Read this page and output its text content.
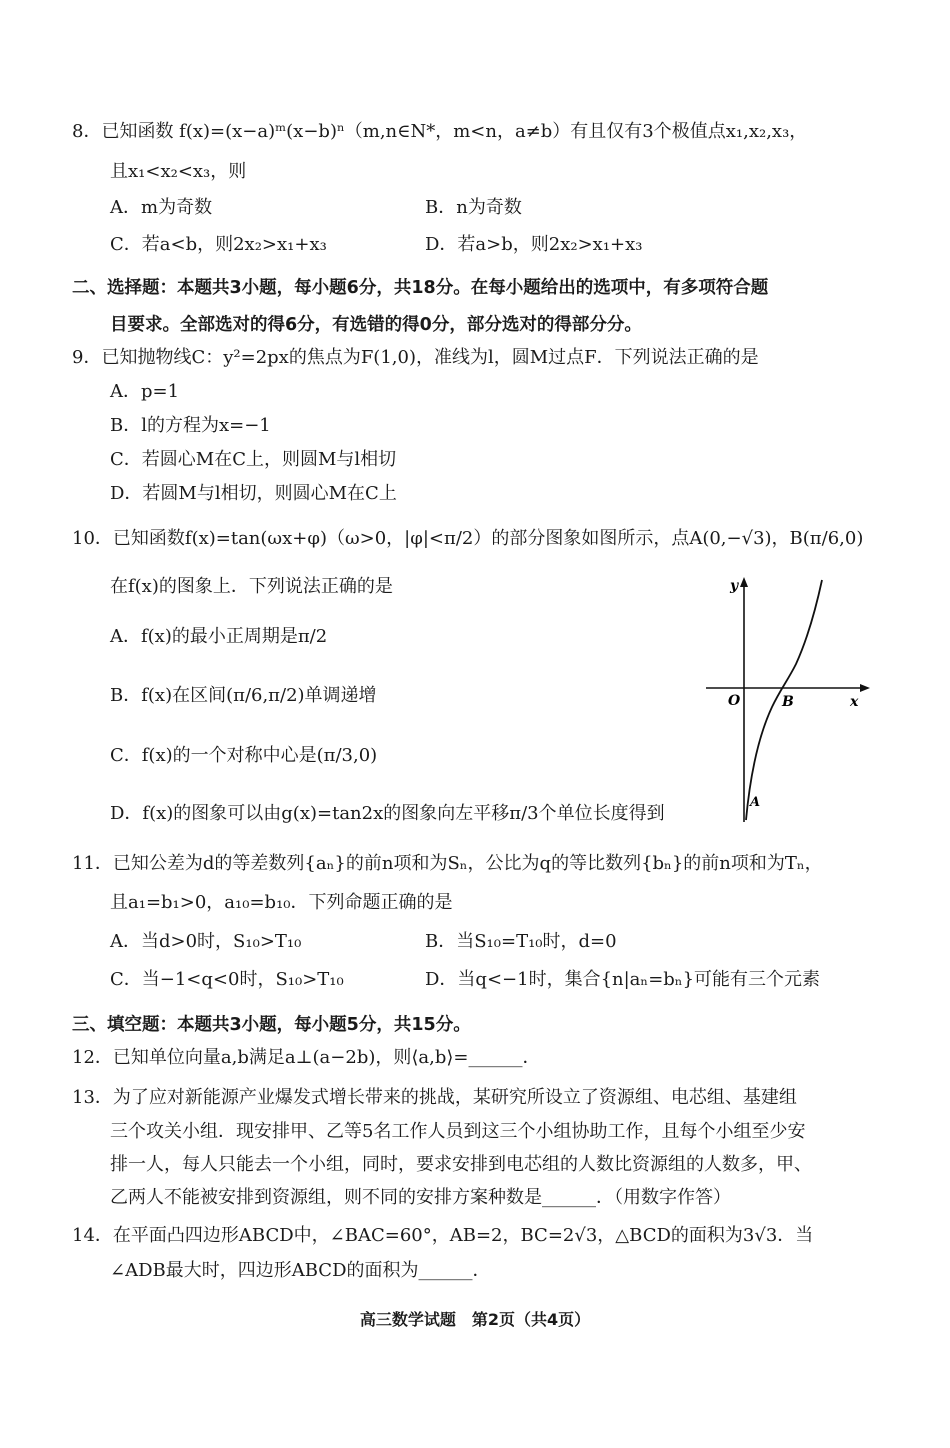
8．已知函数 f(x)=(x−a)ᵐ(x−b)ⁿ（m,n∈N*，m<n，a≠b）有且仅有3个极值点x₁,x₂,x₃，
且x₁<x₂<x₃，则
A．m为奇数	B．n为奇数
C．若a<b，则2x₂>x₁+x₃	D．若a>b，则2x₂>x₁+x₃
二、选择题：本题共3小题，每小题6分，共18分。在每小题给出的选项中，有多项符合题
目要求。全部选对的得6分，有选错的得0分，部分选对的得部分分。
9．已知抛物线C：y²=2px的焦点为F(1,0)，准线为l，圆M过点F．下列说法正确的是
A．p=1
B．l的方程为x=−1
C．若圆心M在C上，则圆M与l相切
D．若圆M与l相切，则圆心M在C上
10．已知函数f(x)=tan(ωx+φ)（ω>0，|φ|<π/2）的部分图象如图所示，点A(0,−√3)，B(π/6,0)
在f(x)的图象上．下列说法正确的是
A．f(x)的最小正周期是π/2
B．f(x)在区间(π/6,π/2)单调递增
C．f(x)的一个对称中心是(π/3,0)
D．f(x)的图象可以由g(x)=tan2x的图象向左平移π/3个单位长度得到
y
x
O	B
A
11．已知公差为d的等差数列{aₙ}的前n项和为Sₙ，公比为q的等比数列{bₙ}的前n项和为Tₙ，
且a₁=b₁>0，a₁₀=b₁₀．下列命题正确的是
A．当d>0时，S₁₀>T₁₀	B．当S₁₀=T₁₀时，d=0
C．当−1<q<0时，S₁₀>T₁₀	D．当q<−1时，集合{n|aₙ=bₙ}可能有三个元素
三、填空题：本题共3小题，每小题5分，共15分。
12．已知单位向量a,b满足a⊥(a−2b)，则⟨a,b⟩=______．
13．为了应对新能源产业爆发式增长带来的挑战，某研究所设立了资源组、电芯组、基建组
三个攻关小组．现安排甲、乙等5名工作人员到这三个小组协助工作，且每个小组至少安
排一人，每人只能去一个小组，同时，要求安排到电芯组的人数比资源组的人数多，甲、
乙两人不能被安排到资源组，则不同的安排方案种数是______．（用数字作答）
14．在平面凸四边形ABCD中，∠BAC=60°，AB=2，BC=2√3，△BCD的面积为3√3．当
∠ADB最大时，四边形ABCD的面积为______．
高三数学试题　第2页（共4页）
